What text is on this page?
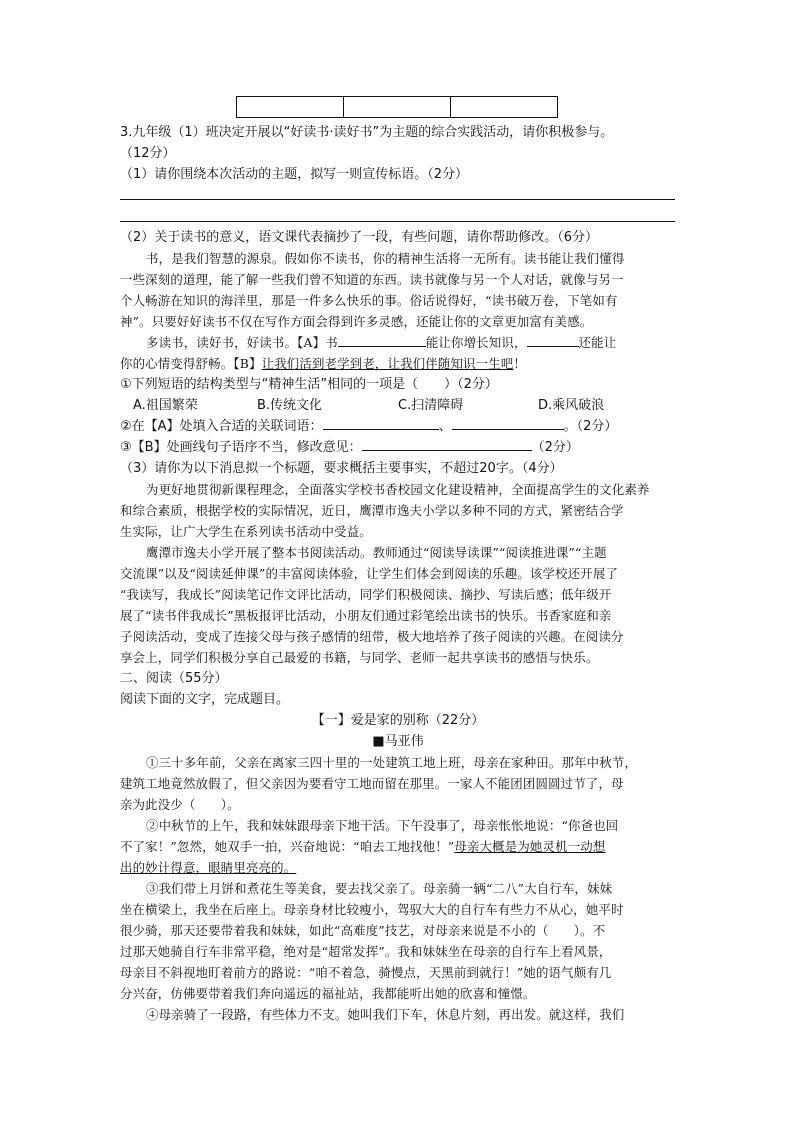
3.九年级（1）班决定开展以“好读书·读好书”为主题的综合实践活动，请你积极参与。
（12分）
（1）请你围绕本次活动的主题，拟写一则宣传标语。（2分）
（2）关于读书的意义，语文课代表摘抄了一段，有些问题，请你帮助修改。（6分）
书，是我们智慧的源泉。假如你不读书，你的精神生活将一无所有。读书能让我们懂得
一些深刻的道理，能了解一些我们曾不知道的东西。读书就像与另一个人对话，就像与另一
个人畅游在知识的海洋里，那是一件多么快乐的事。俗话说得好，“读书破万卷，下笔如有
神”。只要好好读书不仅在写作方面会得到许多灵感，还能让你的文章更加富有美感。
多读书，读好书，好读书。【A】书	能让你增长知识，	还能让
你的心情变得舒畅。【B】让我们活到老学到老，让我们伴随知识一生吧！
①下列短语的结构类型与“精神生活”相同的一项是（　　）（2分）
A.祖国繁荣	B.传统文化	C.扫清障碍	D.乘风破浪
②在【A】处填入合适的关联词语：	、	。（2分）
③【B】处画线句子语序不当，修改意见：	（2分）
（3）请你为以下消息拟一个标题，要求概括主要事实，不超过20字。（4分）
为更好地贯彻新课程理念，全面落实学校书香校园文化建设精神，全面提高学生的文化素养
和综合素质，根据学校的实际情况，近日，鹰潭市逸夫小学以多种不同的方式，紧密结合学
生实际，让广大学生在系列读书活动中受益。
鹰潭市逸夫小学开展了整本书阅读活动。教师通过“阅读导读课”“阅读推进课”“主题
交流课”以及“阅读延伸课”的丰富阅读体验，让学生们体会到阅读的乐趣。该学校还开展了
“我读写，我成长”阅读笔记作文评比活动，同学们积极阅读、摘抄、写读后感；低年级开
展了“读书伴我成长”黑板报评比活动，小朋友们通过彩笔绘出读书的快乐。书香家庭和亲
子阅读活动，变成了连接父母与孩子感情的纽带，极大地培养了孩子阅读的兴趣。在阅读分
享会上，同学们积极分享自己最爱的书籍，与同学、老师一起共享读书的感悟与快乐。
二、阅读（55分）
阅读下面的文字，完成题目。
【一】爱是家的别称（22分）
■马亚伟
①三十多年前，父亲在离家三四十里的一处建筑工地上班，母亲在家种田。那年中秋节，
建筑工地竟然放假了，但父亲因为要看守工地而留在那里。一家人不能团团圆圆过节了，母
亲为此没少（　　）。
②中秋节的上午，我和妹妹跟母亲下地干活。下午没事了，母亲怅怅地说：“你爸也回
不了家！”忽然，她双手一拍，兴奋地说：“咱去工地找他！”母亲大概是为她灵机一动想
出的妙计得意，眼睛里亮亮的。
③我们带上月饼和煮花生等美食，要去找父亲了。母亲骑一辆“二八”大自行车，妹妹
坐在横梁上，我坐在后座上。母亲身材比较瘦小，驾驭大大的自行车有些力不从心，她平时
很少骑，那天还要带着我和妹妹，如此“高难度”技艺，对母亲来说是不小的（　　）。不
过那天她骑自行车非常平稳，绝对是“超常发挥”。我和妹妹坐在母亲的自行车上看风景，
母亲目不斜视地盯着前方的路说：“咱不着急，骑慢点，天黑前到就行！”她的语气颇有几
分兴奋，仿佛要带着我们奔向遥远的福祉站，我都能听出她的欣喜和憧憬。
④母亲骑了一段路，有些体力不支。她叫我们下车，休息片刻，再出发。就这样，我们
